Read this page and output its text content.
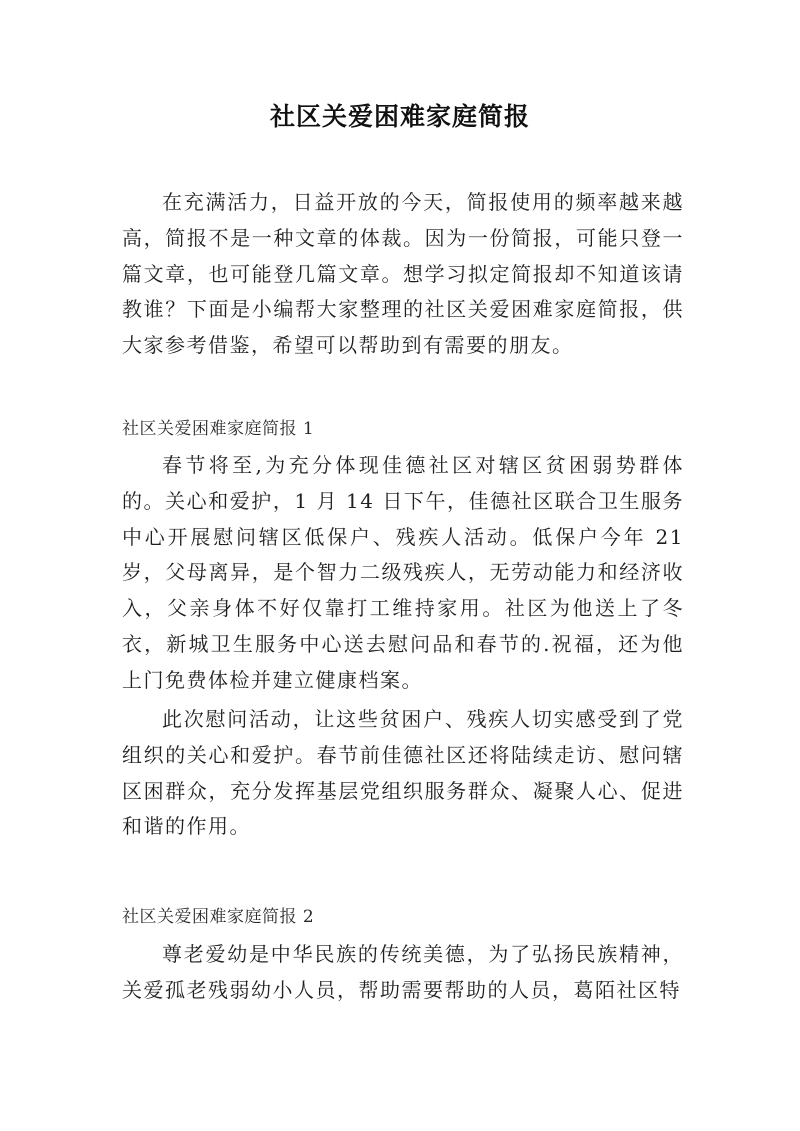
社区关爱困难家庭简报

在充满活力，日益开放的今天，简报使用的频率越来越高，简报不是一种文章的体裁。因为一份简报，可能只登一篇文章，也可能登几篇文章。想学习拟定简报却不知道该请教谁？下面是小编帮大家整理的社区关爱困难家庭简报，供大家参考借鉴，希望可以帮助到有需要的朋友。

社区关爱困难家庭简报 1

春节将至,为充分体现佳德社区对辖区贫困弱势群体的。关心和爱护，1 月 14 日下午，佳德社区联合卫生服务中心开展慰问辖区低保户、残疾人活动。低保户今年 21 岁，父母离异，是个智力二级残疾人，无劳动能力和经济收入，父亲身体不好仅靠打工维持家用。社区为他送上了冬衣，新城卫生服务中心送去慰问品和春节的.祝福，还为他上门免费体检并建立健康档案。

此次慰问活动，让这些贫困户、残疾人切实感受到了党组织的关心和爱护。春节前佳德社区还将陆续走访、慰问辖区困群众，充分发挥基层党组织服务群众、凝聚人心、促进和谐的作用。

社区关爱困难家庭简报 2

尊老爱幼是中华民族的传统美德，为了弘扬民族精神，关爱孤老残弱幼小人员，帮助需要帮助的人员，葛陌社区特
